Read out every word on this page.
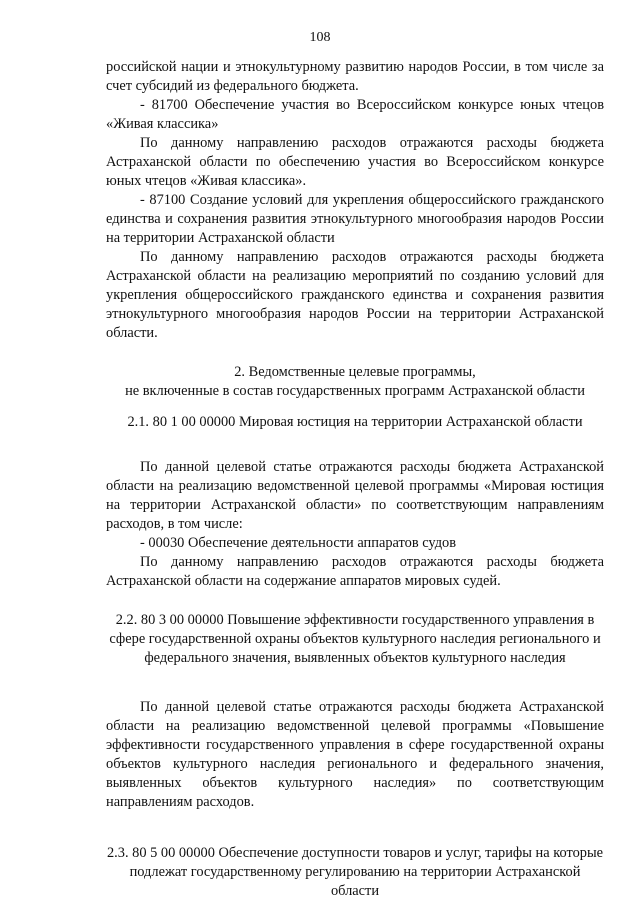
108

российской нации и этнокультурному развитию народов России, в том числе за счет субсидий из федерального бюджета.

- 81700 Обеспечение участия во Всероссийском конкурсе юных чтецов «Живая классика»

По данному направлению расходов отражаются расходы бюджета Астраханской области по обеспечению участия во Всероссийском конкурсе юных чтецов «Живая классика».

- 87100 Создание условий для укрепления общероссийского гражданского единства и сохранения развития этнокультурного многообразия народов России на территории Астраханской области

По данному направлению расходов отражаются расходы бюджета Астраханской области на реализацию мероприятий по созданию условий для укрепления общероссийского гражданского единства и сохранения развития этнокультурного многообразия народов России на территории Астраханской области.

2. Ведомственные целевые программы,

не включенные в состав государственных программ Астраханской области

2.1. 80 1 00 00000 Мировая юстиция на территории Астраханской области

По данной целевой статье отражаются расходы бюджета Астраханской области на реализацию ведомственной целевой программы «Мировая юстиция на территории Астраханской области» по соответствующим направлениям расходов, в том числе:

- 00030 Обеспечение деятельности аппаратов судов

По данному направлению расходов отражаются расходы бюджета Астраханской области на содержание аппаратов мировых судей.

2.2. 80 3 00 00000 Повышение эффективности государственного управления в сфере государственной охраны объектов культурного наследия регионального и федерального значения, выявленных объектов культурного наследия

По данной целевой статье отражаются расходы бюджета Астраханской области на реализацию ведомственной целевой программы «Повышение эффективности государственного управления в сфере государственной охраны объектов культурного наследия регионального и федерального значения, выявленных объектов культурного наследия» по соответствующим направлениям расходов.

2.3. 80 5 00 00000 Обеспечение доступности товаров и услуг, тарифы на которые подлежат государственному регулированию на территории Астраханской области
